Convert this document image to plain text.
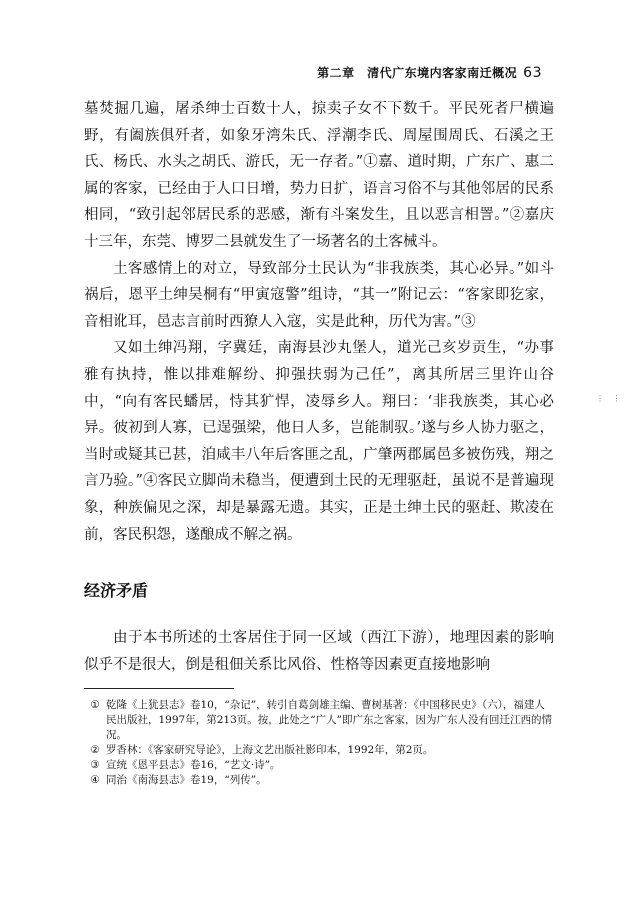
第二章　清代广东境内客家南迁概况 63

墓焚掘几遍，屠杀绅士百数十人，掠卖子女不下数千。平民死者尸横遍野，有阖族俱歼者，如象牙湾朱氏、浮潮李氏、周屋围周氏、石溪之王氏、杨氏、水头之胡氏、游氏，无一存者。”①嘉、道时期，广东广、惠二属的客家，已经由于人口日增，势力日扩，语言习俗不与其他邻居的民系相同，“致引起邻居民系的恶感，渐有斗案发生，且以恶言相詈。”②嘉庆十三年，东莞、博罗二县就发生了一场著名的土客械斗。

土客感情上的对立，导致部分土民认为“非我族类，其心必异。”如斗祸后，恩平土绅吴桐有“甲寅寇警”组诗，“其一”附记云：“客家即犵家，音相讹耳，邑志言前时西獠人入寇，实是此种，历代为害。”③

又如土绅冯翔，字冀廷，南海县沙丸堡人，道光己亥岁贡生，“办事雅有执持，惟以排难解纷、抑强扶弱为己任”，离其所居三里许山谷中，“向有客民蟠居，恃其犷悍，凌辱乡人。翔曰：‘非我族类，其心必异。彼初到人寡，已逞强梁，他日人多，岂能制驭。’遂与乡人协力驱之，当时或疑其已甚，洎咸丰八年后客匪之乱，广肇两郡属邑多被伤残，翔之言乃验。”④客民立脚尚未稳当，便遭到土民的无理驱赶，虽说不是普遍现象，种族偏见之深，却是暴露无遗。其实，正是土绅土民的驱赶、欺凌在前，客民积怨，遂酿成不解之祸。

经济矛盾

由于本书所述的土客居住于同一区域（西江下游），地理因素的影响似乎不是很大，倒是租佃关系比风俗、性格等因素更直接地影响

① 乾隆《上犹县志》卷10，“杂记”，转引自葛剑雄主编、曹树基著：《中国移民史》（六），福建人民出版社，1997年，第213页。按，此处之“广人”即广东之客家，因为广东人没有回迁江西的情况。
② 罗香林：《客家研究导论》，上海文艺出版社影印本，1992年，第2页。
③ 宣统《恩平县志》卷16，“艺文·诗”。
④ 同治《南海县志》卷19，“列传”。
⋮ ⋮
